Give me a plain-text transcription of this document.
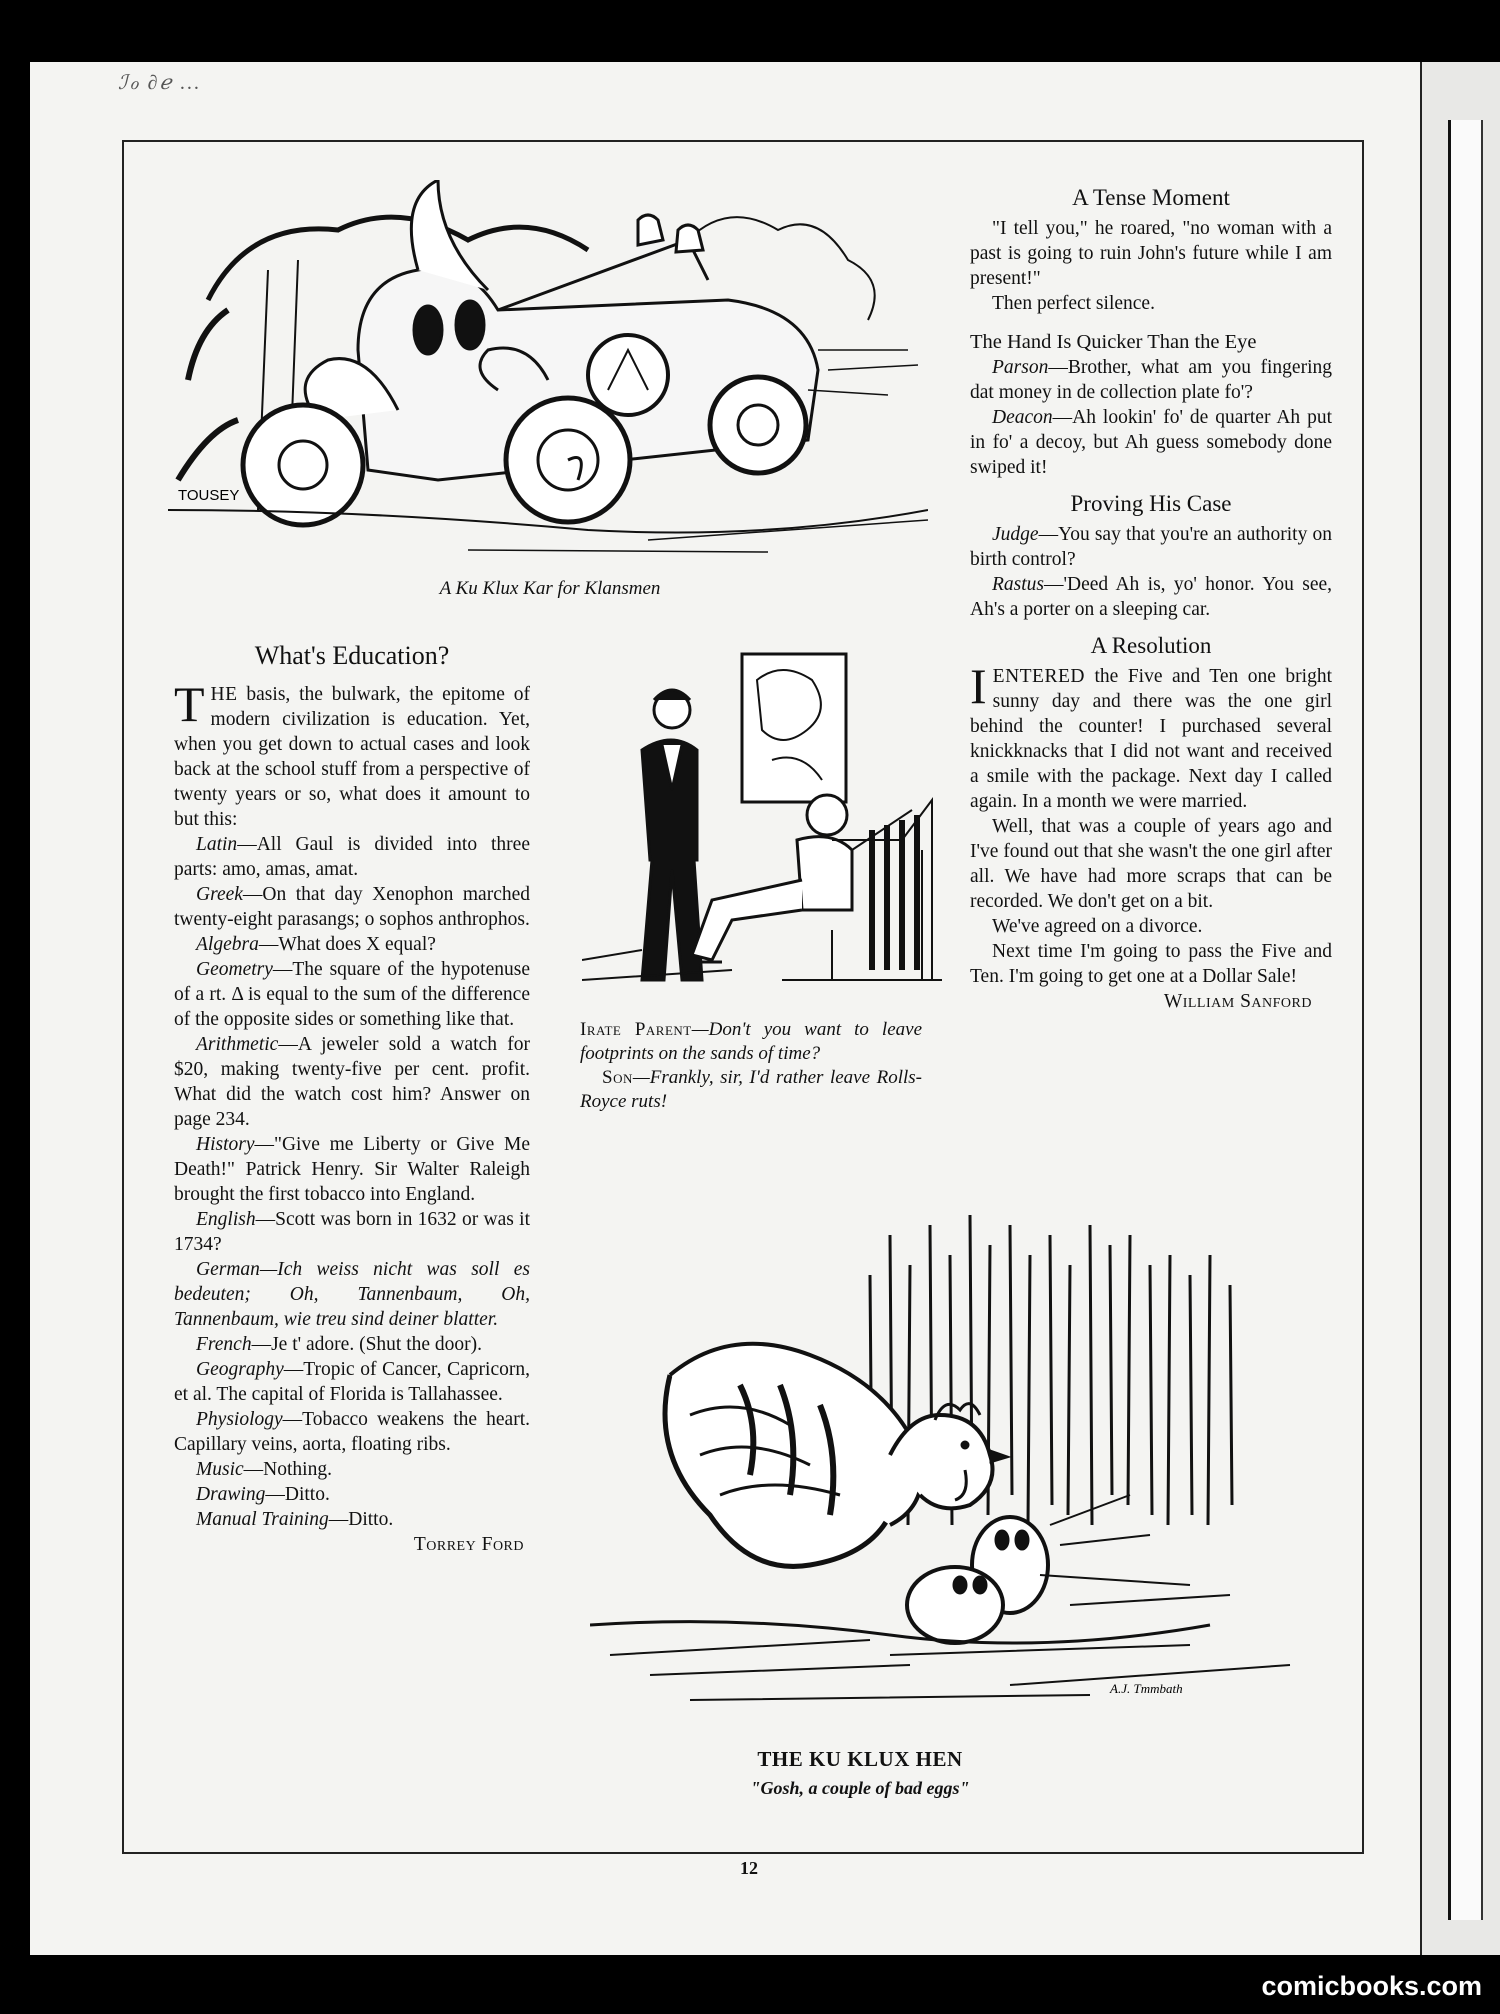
ℐℴ ∂ℯ ...
TOUSEY
A Ku Klux Kar for Klansmen
What's Education?

THE basis, the bulwark, the epitome of modern civilization is education. Yet, when you get down to actual cases and look back at the school stuff from a perspective of twenty years or so, what does it amount to but this:

Latin—All Gaul is divided into three parts: amo, amas, amat.

Greek—On that day Xenophon marched twenty-eight parasangs; o sophos anthrophos.

Algebra—What does X equal?

Geometry—The square of the hypotenuse of a rt. Δ is equal to the sum of the difference of the opposite sides or something like that.

Arithmetic—A jeweler sold a watch for $20, making twenty-five per cent. profit. What did the watch cost him? Answer on page 234.

History—"Give me Liberty or Give Me Death!" Patrick Henry. Sir Walter Raleigh brought the first tobacco into England.

English—Scott was born in 1632 or was it 1734?

German—Ich weiss nicht was soll es bedeuten; Oh, Tannenbaum, Oh, Tannenbaum, wie treu sind deiner blatter.

French—Je t' adore. (Shut the door).

Geography—Tropic of Cancer, Capricorn, et al. The capital of Florida is Tallahassee.

Physiology—Tobacco weakens the heart. Capillary veins, aorta, floating ribs.

Music—Nothing.

Drawing—Ditto.

Manual Training—Ditto.

Torrey Ford

Irate Parent—Don't you want to leave footprints on the sands of time?

Son—Frankly, sir, I'd rather leave Rolls-Royce ruts!

A Tense Moment

"I tell you," he roared, "no woman with a past is going to ruin John's future while I am present!"

Then perfect silence.

The Hand Is Quicker Than the Eye

Parson—Brother, what am you fingering dat money in de collection plate fo'?

Deacon—Ah lookin' fo' de quarter Ah put in fo' a decoy, but Ah guess somebody done swiped it!

Proving His Case

Judge—You say that you're an authority on birth control?

Rastus—'Deed Ah is, yo' honor. You see, Ah's a porter on a sleeping car.

A Resolution

IENTERED the Five and Ten one bright sunny day and there was the one girl behind the counter! I purchased several knickknacks that I did not want and received a smile with the package. Next day I called again. In a month we were married.

Well, that was a couple of years ago and I've found out that she wasn't the one girl after all. We have had more scraps that can be recorded. We don't get on a bit.

We've agreed on a divorce.

Next time I'm going to pass the Five and Ten. I'm going to get one at a Dollar Sale!

William Sanford

A.J. Tmmbath
THE KU KLUX HEN
"Gosh, a couple of bad eggs"
12
comicbooks.com
